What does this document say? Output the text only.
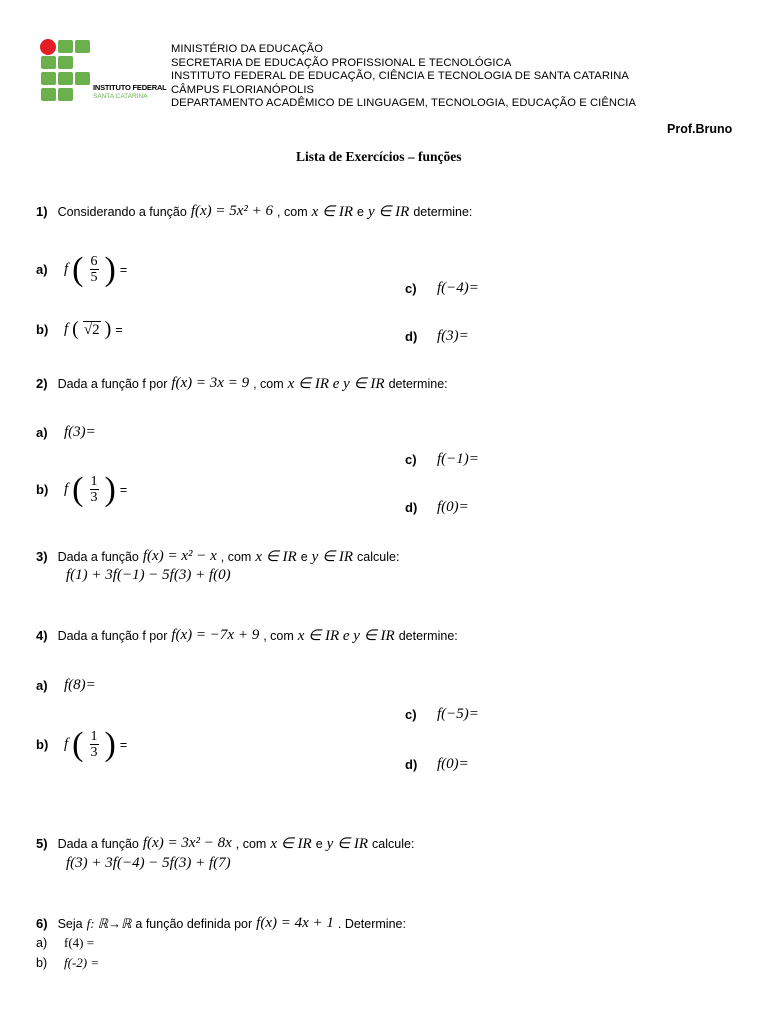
INSTITUTO FEDERAL
SANTA CATARINA
MINISTÉRIO DA EDUCAÇÃO
SECRETARIA DE EDUCAÇÃO PROFISSIONAL E TECNOLÓGICA
INSTITUTO FEDERAL DE EDUCAÇÃO, CIÊNCIA E TECNOLOGIA DE SANTA CATARINA
CÂMPUS FLORIANÓPOLIS
DEPARTAMENTO ACADÊMICO DE LINGUAGEM, TECNOLOGIA, EDUCAÇÃO E CIÊNCIA
Prof.Bruno
Lista de Exercícios – funções
1) Considerando a função f(x) = 5x² + 6 , com x ∈ IR e y ∈ IR determine:
a)	f ( $\frac{6}{5}$ ) =
b)	f ( √2 ) =
c)	f(−4)=
d)	f(3)=
2) Dada a função f por f(x) = 3x = 9 , com x ∈ IR e y ∈ IR determine:
a)	f(3)=
b)	f ( $\frac{1}{3}$ ) =
c)	f(−1)=
d)	f(0)=
3) Dada a função f(x) = x² − x , com x ∈ IR e y ∈ IR calcule:
f(1) + 3f(−1) − 5f(3) + f(0)
4) Dada a função f por f(x) = −7x + 9 , com x ∈ IR e y ∈ IR determine:
a)	f(8)=
b)	f ( $\frac{1}{3}$ ) =
c)	f(−5)=
d)	f(0)=
5) Dada a função f(x) = 3x² − 8x , com x ∈ IR e y ∈ IR calcule:
f(3) + 3f(−4) − 5f(3) + f(7)
6) Seja f: ℝ→ℝ a função definida por f(x) = 4x + 1 . Determine:
a)	f(4) =
b)	f(-2) =
